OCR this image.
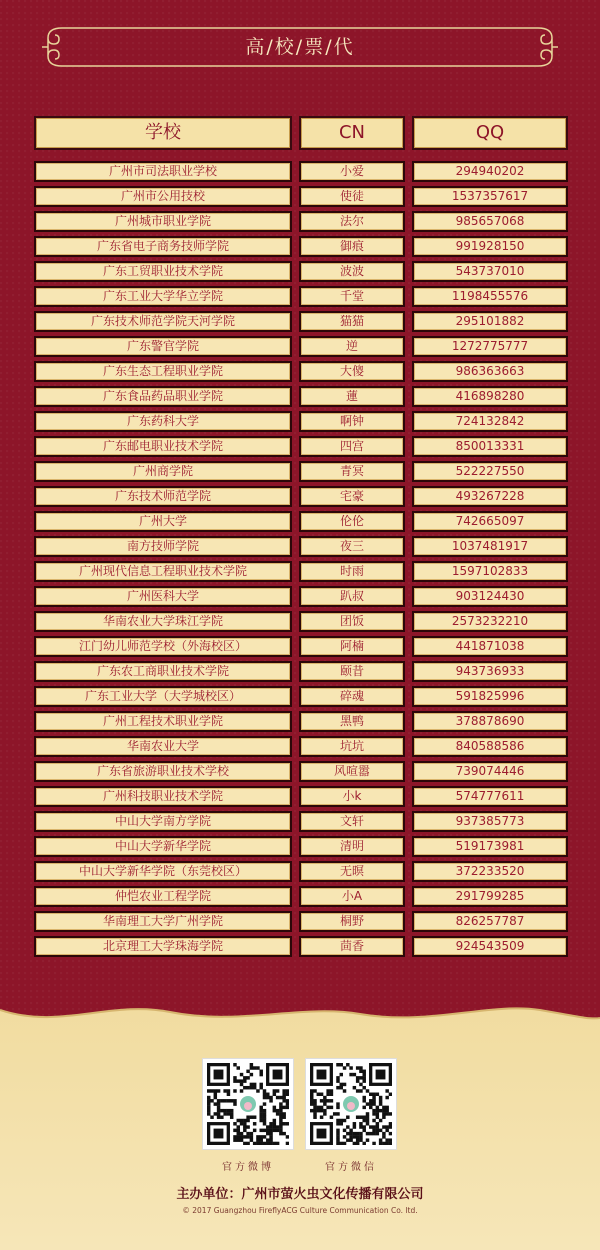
高/校/票/代
学校	CN	QQ
广州市司法职业学校	小爱	294940202
广州市公用技校	使徒	1537357617
广州城市职业学院	法尔	985657068
广东省电子商务技师学院	御痕	991928150
广东工贸职业技术学院	波波	543737010
广东工业大学华立学院	千堂	1198455576
广东技术师范学院天河学院	猫猫	295101882
广东警官学院	逆	1272775777
广东生态工程职业学院	大傻	986363663
广东食品药品职业学院	蓮	416898280
广东药科大学	啊钟	724132842
广东邮电职业技术学院	四宫	850013331
广州商学院	青冥	522227550
广东技术师范学院	宅豪	493267228
广州大学	伦伦	742665097
南方技师学院	夜三	1037481917
广州现代信息工程职业技术学院	时雨	1597102833
广州医科大学	趴叔	903124430
华南农业大学珠江学院	团饭	2573232210
江门幼儿师范学校（外海校区）	阿楠	441871038
广东农工商职业技术学院	颐昔	943736933
广东工业大学（大学城校区）	碎魂	591825996
广州工程技术职业学院	黑鸭	378878690
华南农业大学	坑坑	840588586
广东省旅游职业技术学校	风喧嚣	739074446
广州科技职业技术学院	小k	574777611
中山大学南方学院	文轩	937385773
中山大学新华学院	清明	519173981
中山大学新华学院（东莞校区）	无暝	372233520
仲恺农业工程学院	小A	291799285
华南理工大学广州学院	桐野	826257787
北京理工大学珠海学院	茴香	924543509
官方微博	官方微信
主办单位：广州市萤火虫文化传播有限公司
© 2017 Guangzhou FireflyACG Culture Communication Co. ltd.
